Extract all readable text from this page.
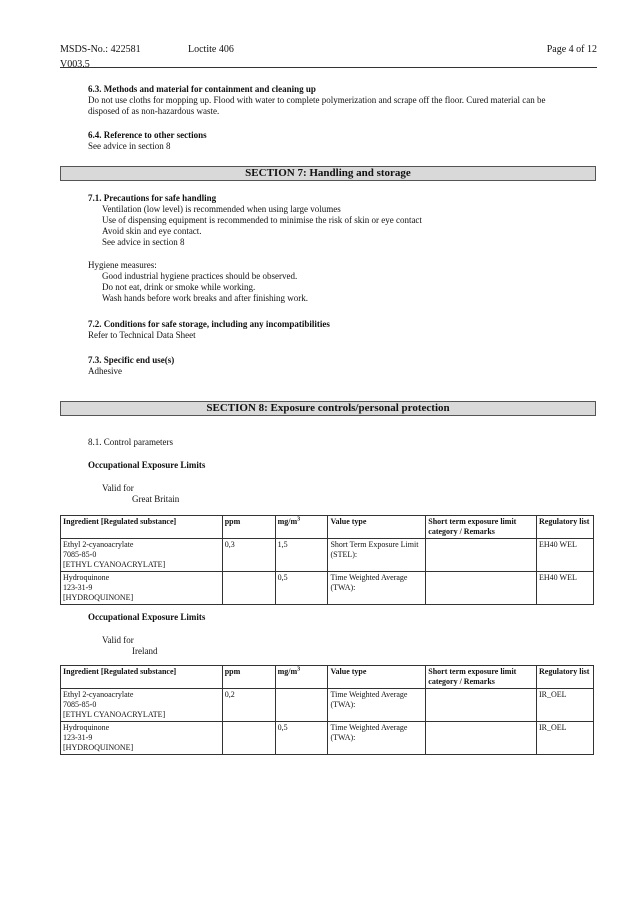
MSDS-No.: 422581	Loctite 406	Page 4 of 12
V003.5
6.3. Methods and material for containment and cleaning up
Do not use cloths for mopping up. Flood with water to complete polymerization and scrape off the floor. Cured material can be
disposed of as non-hazardous waste.
6.4. Reference to other sections
See advice in section 8
SECTION 7: Handling and storage
7.1. Precautions for safe handling
Ventilation (low level) is recommended when using large volumes
Use of dispensing equipment is recommended to minimise the risk of skin or eye contact
Avoid skin and eye contact.
See advice in section 8
Hygiene measures:
Good industrial hygiene practices should be observed.
Do not eat, drink or smoke while working.
Wash hands before work breaks and after finishing work.
7.2. Conditions for safe storage, including any incompatibilities
Refer to Technical Data Sheet
7.3. Specific end use(s)
Adhesive
SECTION 8: Exposure controls/personal protection
8.1. Control parameters
Occupational Exposure Limits
Valid for
Great Britain
Ingredient [Regulated substance]	ppm	$mg/m^3$	Value type	Short term exposure limit category / Remarks	Regulatory list

Ethyl 2-cyanoacrylate
7085-85-0
[ETHYL CYANOACRYLATE]	0,3	1,5	Short Term Exposure Limit (STEL):		EH40 WEL

Hydroquinone
123-31-9
[HYDROQUINONE]		0,5	Time Weighted Average (TWA):		EH40 WEL
Occupational Exposure Limits
Valid for
Ireland
Ingredient [Regulated substance]	ppm	$mg/m^3$	Value type	Short term exposure limit category / Remarks	Regulatory list

Ethyl 2-cyanoacrylate
7085-85-0
[ETHYL CYANOACRYLATE]	0,2		Time Weighted Average (TWA):		IR_OEL

Hydroquinone
123-31-9
[HYDROQUINONE]		0,5	Time Weighted Average (TWA):		IR_OEL
